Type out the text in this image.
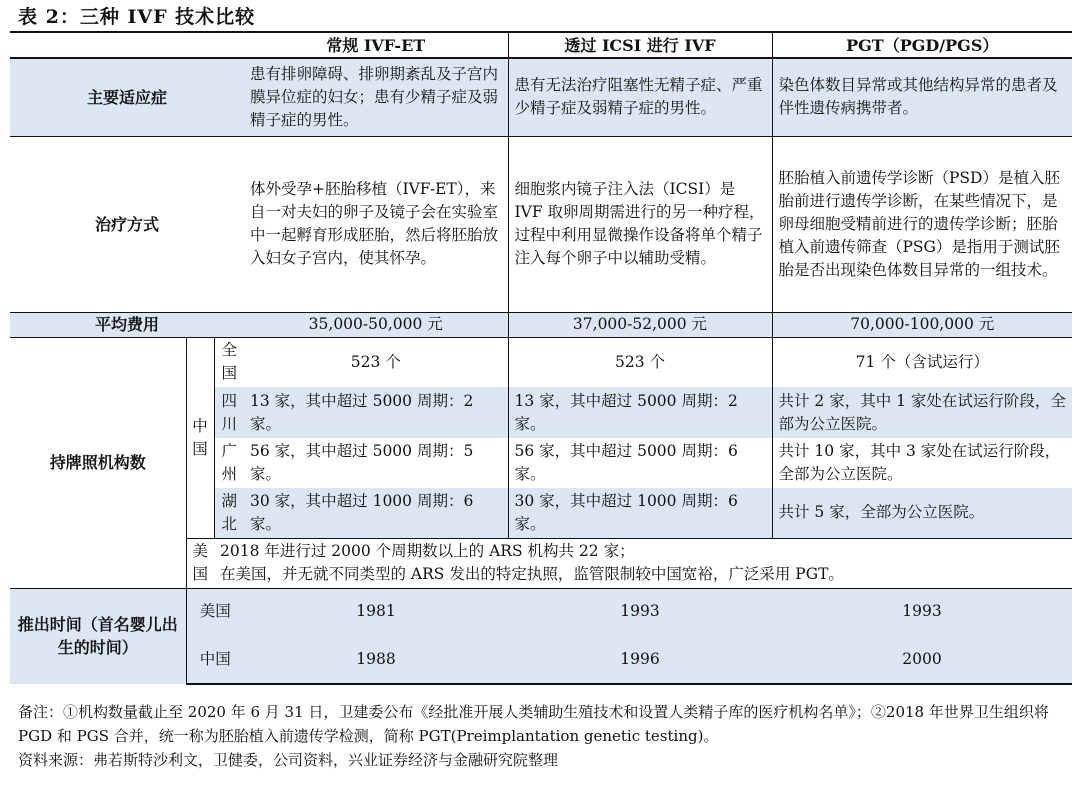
表 2：三种 IVF 技术比较
			常规 IVF-ET	透过 ICSI 进行 IVF	PGT（PGD/PGS）
主要适应症			患有排卵障碍、排卵期紊乱及子宫内膜异位症的妇女；患有少精子症及弱精子症的男性。	患有无法治疗阻塞性无精子症、严重少精子症及弱精子症的男性。	染色体数目异常或其他结构异常的患者及伴性遗传病携带者。
治疗方式			体外受孕+胚胎移植（IVF-ET），来自一对夫妇的卵子及镜子会在实验室中一起孵育形成胚胎，然后将胚胎放入妇女子宫内，使其怀孕。	细胞浆内镜子注入法（ICSI）是 IVF 取卵周期需进行的另一种疗程，过程中利用显微操作设备将单个精子注入每个卵子中以辅助受精。	胚胎植入前遗传学诊断（PSD）是植入胚胎前进行遗传学诊断，在某些情况下，是卵母细胞受精前进行的遗传学诊断；胚胎植入前遗传筛查（PSG）是指用于测试胚胎是否出现染色体数目异常的一组技术。
平均费用			35,000-50,000 元	37,000-52,000 元	70,000-100,000 元
持牌照机构数	中国	全国	523 个	523 个	71 个（含试运行）
		四川	13 家，其中超过 5000 周期：2 家。	13 家，其中超过 5000 周期：2 家。	共计 2 家，其中 1 家处在试运行阶段，全部为公立医院。
		广州	56 家，其中超过 5000 周期：5 家。	56 家，其中超过 5000 周期：6 家。	共计 10 家，其中 3 家处在试运行阶段，全部为公立医院。
		湖北	30 家，其中超过 1000 周期：6 家。	30 家，其中超过 1000 周期：6 家。	共计 5 家，全部为公立医院。
	美国	2018 年进行过 2000 个周期数以上的 ARS 机构共 22 家；
在美国，并无就不同类型的 ARS 发出的特定执照，监管限制较中国宽裕，广泛采用 PGT。			

推出时间（首名婴儿出生的时间）	美国		1981	1993	1993
	中国		1988	1996	2000

备注：①机构数量截止至 2020 年 6 月 31 日，卫建委公布《经批准开展人类辅助生殖技术和设置人类精子库的医疗机构名单》；②2018 年世界卫生组织将 PGD 和 PGS 合并，统一称为胚胎植入前遗传学检测，简称 PGT(Preimplantation genetic testing)。

资料来源：弗若斯特沙利文，卫健委，公司资料，兴业证券经济与金融研究院整理
